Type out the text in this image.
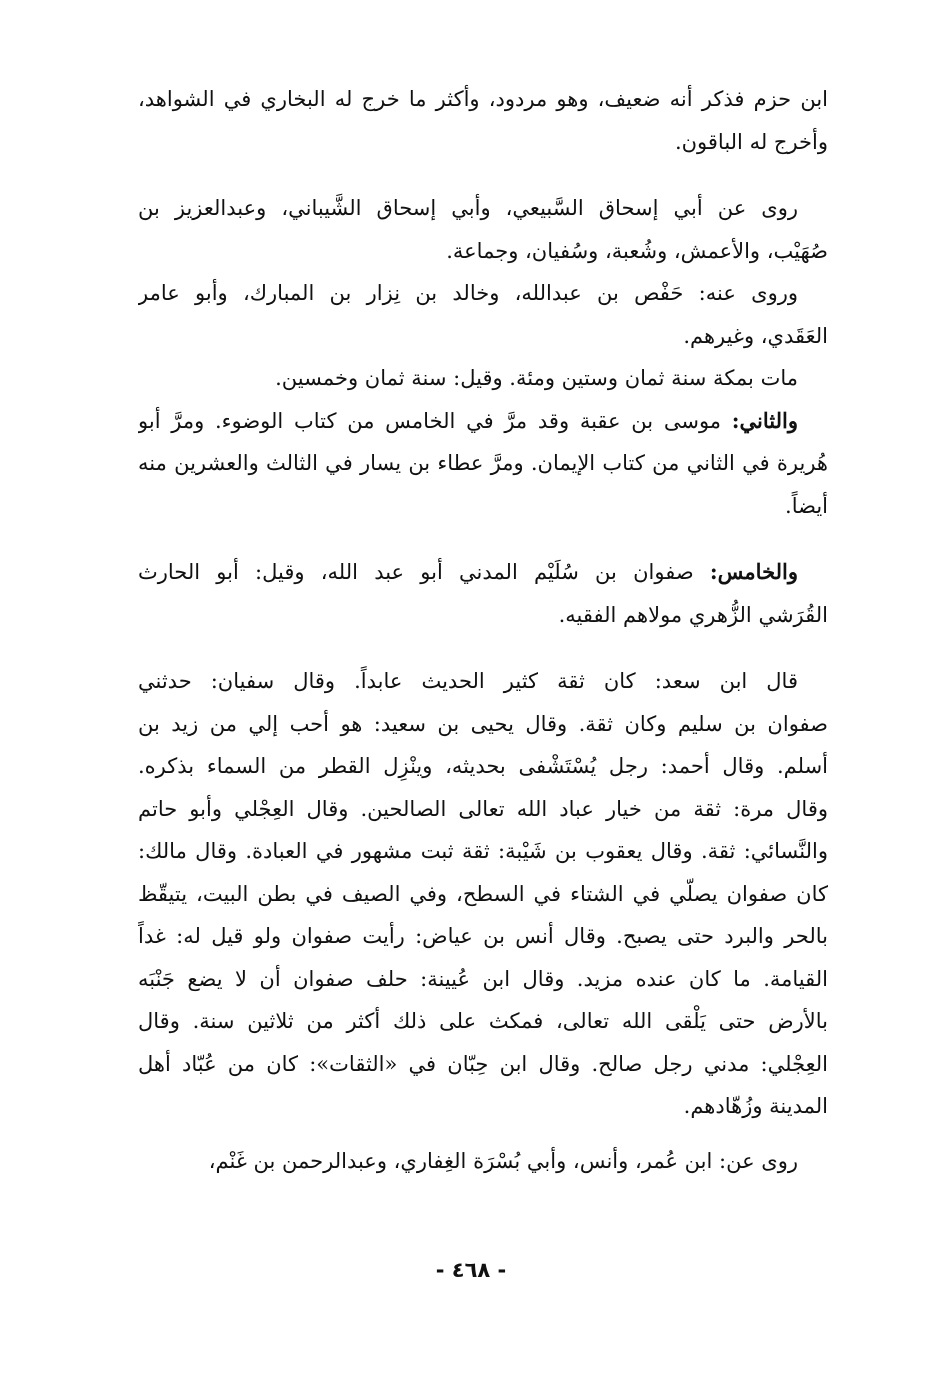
ابن حزم فذكر أنه ضعيف، وهو مردود، وأكثر ما خرج له البخاري في الشواهد،
وأخرج له الباقون.
روى عن أبي إسحاق السَّبيعي، وأبي إسحاق الشَّيباني، وعبدالعزيز بن
صُهَيْب، والأعمش، وشُعبة، وسُفيان، وجماعة.
وروى عنه: حَفْص بن عبدالله، وخالد بن نِزار بن المبارك، وأبو عامر
العَقَدي، وغيرهم.
مات بمكة سنة ثمان وستين ومئة. وقيل: سنة ثمان وخمسين.
والثاني: موسى بن عقبة وقد مرَّ في الخامس من كتاب الوضوء. ومرَّ أبو
هُريرة في الثاني من كتاب الإيمان. ومرَّ عطاء بن يسار في الثالث والعشرين منه
أيضاً.
والخامس: صفوان بن سُلَيْم المدني أبو عبد الله، وقيل: أبو الحارث
القُرَشي الزُّهري مولاهم الفقيه.
قال ابن سعد: كان ثقة كثير الحديث عابداً. وقال سفيان: حدثني
صفوان بن سليم وكان ثقة. وقال يحيى بن سعيد: هو أحب إلي من زيد بن
أسلم. وقال أحمد: رجل يُسْتَشْفى بحديثه، وينْزِل القطر من السماء بذكره.
وقال مرة: ثقة من خيار عباد الله تعالى الصالحين. وقال العِجْلي وأبو حاتم
والنَّسائي: ثقة. وقال يعقوب بن شَيْبة: ثقة ثبت مشهور في العبادة. وقال مالك:
كان صفوان يصلّي في الشتاء في السطح، وفي الصيف في بطن البيت، يتيقّظ
بالحر والبرد حتى يصبح. وقال أنس بن عياض: رأيت صفوان ولو قيل له: غداً
القيامة. ما كان عنده مزيد. وقال ابن عُيينة: حلف صفوان أن لا يضع جَنْبَه
بالأرض حتى يَلْقى الله تعالى، فمكث على ذلك أكثر من ثلاثين سنة. وقال
العِجْلي: مدني رجل صالح. وقال ابن حِبّان في «الثقات»: كان من عُبّاد أهل
المدينة وزُهّادهم.
روى عن: ابن عُمر، وأنس، وأبي بُسْرَة الغِفاري، وعبدالرحمن بن غَنْم،
- ٤٦٨ -
